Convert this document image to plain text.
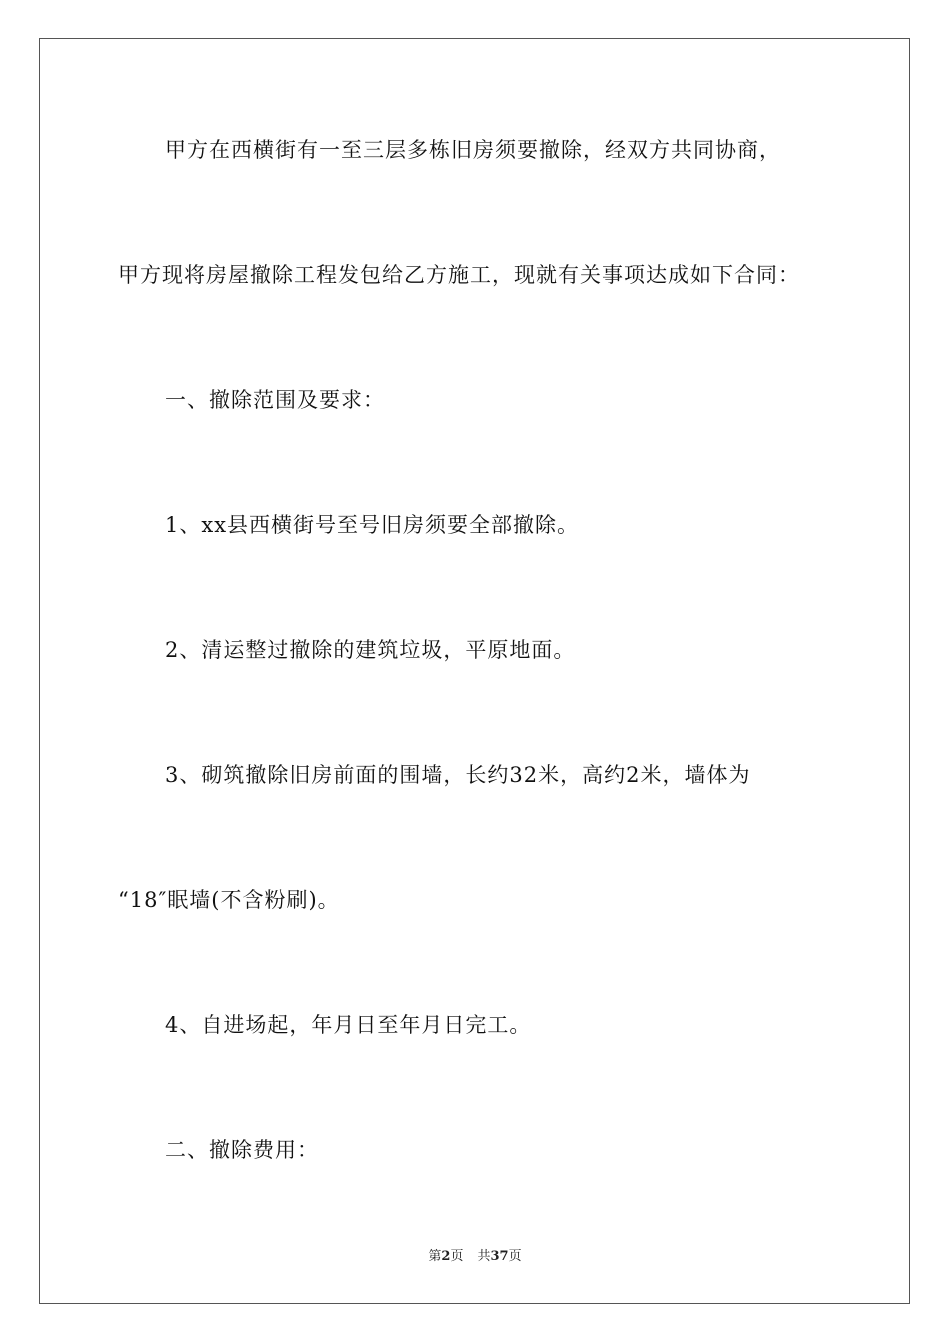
甲方在西横街有一至三层多栋旧房须要撤除，经双方共同协商，
甲方现将房屋撤除工程发包给乙方施工，现就有关事项达成如下合同：
一、撤除范围及要求：
1、xx县西横街号至号旧房须要全部撤除。
2、清运整过撤除的建筑垃圾，平原地面。
3、砌筑撤除旧房前面的围墙，长约32米，高约2米，墙体为
“18″眠墙(不含粉刷)。
4、自进场起，年月日至年月日完工。
二、撤除费用：
第2页 共37页
